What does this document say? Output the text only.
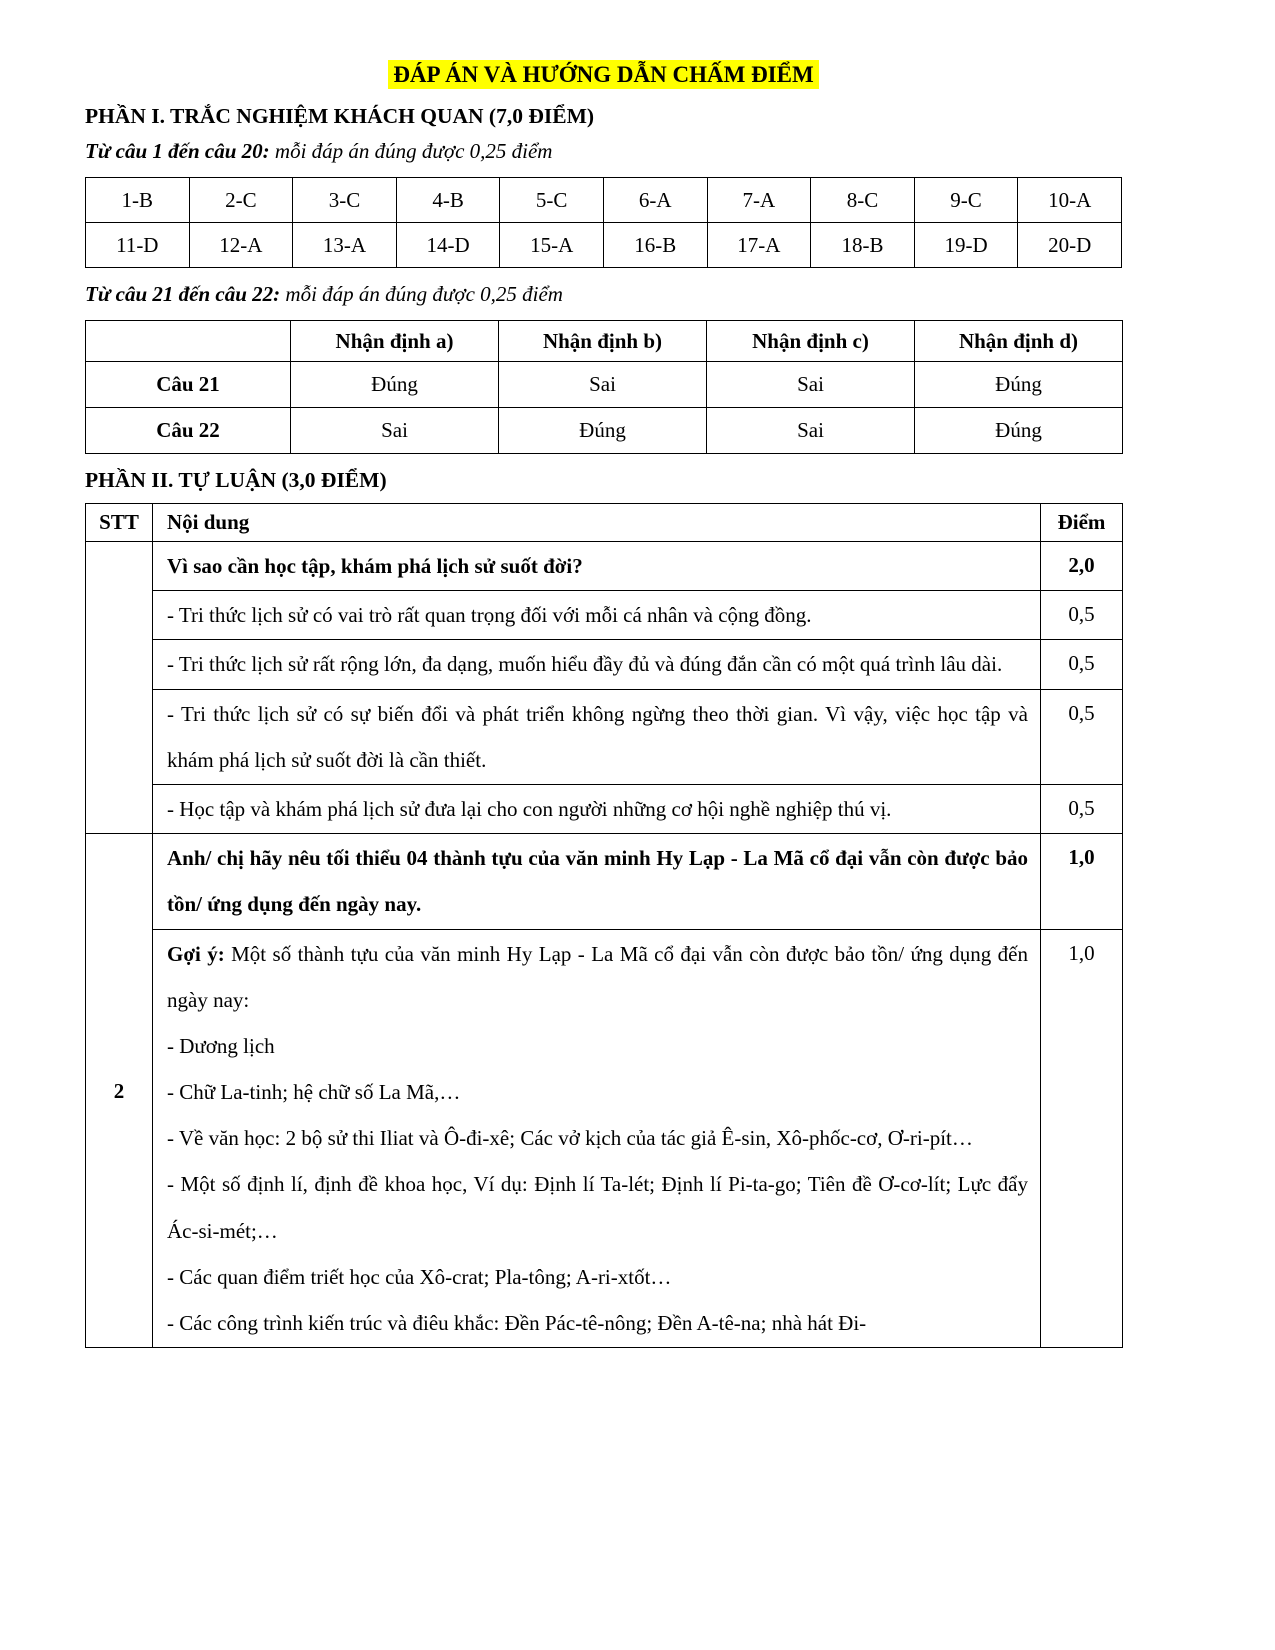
ĐÁP ÁN VÀ HƯỚNG DẪN CHẤM ĐIỂM
PHẦN I. TRẮC NGHIỆM KHÁCH QUAN (7,0 ĐIỂM)

Từ câu 1 đến câu 20: mỗi đáp án đúng được 0,25 điểm

1-B	2-C	3-C	4-B	5-C	6-A	7-A	8-C	9-C	10-A
11-D	12-A	13-A	14-D	15-A	16-B	17-A	18-B	19-D	20-D

Từ câu 21 đến câu 22: mỗi đáp án đúng được 0,25 điểm

	Nhận định a)	Nhận định b)	Nhận định c)	Nhận định d)
Câu 21	Đúng	Sai	Sai	Đúng
Câu 22	Sai	Đúng	Sai	Đúng
PHẦN II. TỰ LUẬN (3,0 ĐIỂM)
STT	Nội dung	Điểm
	Vì sao cần học tập, khám phá lịch sử suốt đời?	2,0
	- Tri thức lịch sử có vai trò rất quan trọng đối với mỗi cá nhân và cộng đồng.	0,5
	- Tri thức lịch sử rất rộng lớn, đa dạng, muốn hiểu đầy đủ và đúng đắn cần có một quá trình lâu dài.	0,5
	- Tri thức lịch sử có sự biến đổi và phát triển không ngừng theo thời gian. Vì vậy, việc học tập và khám phá lịch sử suốt đời là cần thiết.	0,5
	- Học tập và khám phá lịch sử đưa lại cho con người những cơ hội nghề nghiệp thú vị.	0,5
2	Anh/ chị hãy nêu tối thiểu 04 thành tựu của văn minh Hy Lạp - La Mã cổ đại vẫn còn được bảo tồn/ ứng dụng đến ngày nay.	1,0

Gợi ý: Một số thành tựu của văn minh Hy Lạp - La Mã cổ đại vẫn còn được bảo tồn/ ứng dụng đến ngày nay:
- Dương lịch
- Chữ La-tinh; hệ chữ số La Mã,…
- Về văn học: 2 bộ sử thi Iliat và Ô-đi-xê; Các vở kịch của tác giả Ê-sin, Xô-phốc-cơ, Ơ-ri-pít…
- Một số định lí, định đề khoa học, Ví dụ: Định lí Ta-lét; Định lí Pi-ta-go; Tiên đề Ơ-cơ-lít; Lực đẩy Ác-si-mét;…
- Các quan điểm triết học của Xô-crat; Pla-tông; A-ri-xtốt…
- Các công trình kiến trúc và điêu khắc: Đền Pác-tê-nông; Đền A-tê-na; nhà hát Đi-
	1,0
